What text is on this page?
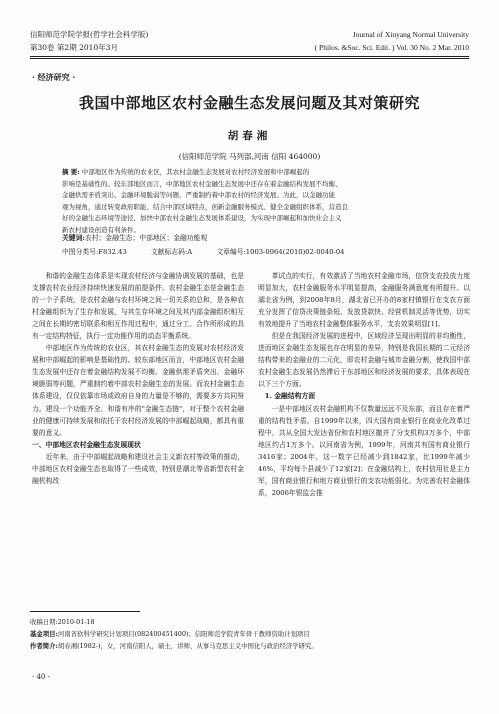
信阳师范学院学报(哲学社会科学版)	Journal of Xinyang Normal University
第30卷 第2期 2010年3月	( Philos. &Soc. Sci. Edit. ) Vol. 30 No. 2 Mar. 2010
· 经济研究 ·
我国中部地区农村金融生态发展问题及其对策研究
胡春湘
(信阳师范学院 马列部,河南 信阳 464000)
摘 要: 中部地区作为传统的农业区，其农村金融生态发展对农村经济发展和中部崛起的
影响是基础性的。较东部地区而言，中部地区农村金融生态发展中还存在着金融结构发展不均衡、
金融供需矛盾突出、金融环境脆弱等问题，严重制约着中部农村的经济发展。为此，以金融功能
观为视角，通过转变政府职能、结合中部区域特点，创新金融服务模式、健全金融组织体系，营造良
好的金融生态环境等途径，加快中部农村金融生态发展体系建设，为实现中部崛起和加快社会主义
新农村建设创造有利条件。
关键词:农村；金融生态；中部地区；金融功能观
中图分类号:F832.43	文献标志码:A	文章编号:1003-0964(2010)02-0040-04

和谐的金融生态体系是实现农村经济与金融协调发展的基础，也是支撑农村农业经济持续快速发展的前提条件。农村金融生态是金融生态的一个子系统，是农村金融与农村环境之间一切关系的总和，是各种农村金融组织为了生存和发展，与其生存环境之间及其内部金融组织相互之间在长期的密切联系和相互作用过程中，通过分工、合作所形成的具有一定结构特征，执行一定功能作用的动态平衡系统。

中部地区作为传统的农业区，其农村金融生态的发展对农村经济发展和中部崛起的影响是基础性的。较东部地区而言，中部地区农村金融生态发展中还存在着金融结构发展不均衡、金融供需矛盾突出、金融环境脆弱等问题，严重制约着中部农村金融生态的发展。而农村金融生态体系建设，仅仅依靠市场或政府自身的力量是不够的，需要多方共同努力。建设一个功能齐全、和谐有序的"金融生态链"，对于整个农村金融业的健康可持续发展和依托于农村经济发展的中部崛起战略，都具有重要的意义。

一、中部地区农村金融生态发展现状

近年来，由于中部崛起战略和建设社会主义新农村等政策的推动，中部地区农村金融生态也取得了一些成效，特别是潮北等省新型农村金融机构改

革试点的实行，有效激活了当地农村金融市场，信贷支农投放力度明显加大，农村金融服务水平明显提高，金融服务满意度有所提升。以湖北省为例，到2008年8月，湖北省已开办的8家村镇银行在支农方面充分发挥了信贷决策链条短、发放贷款快、经营机制灵活等优势，切实有效地提升了当地农村金融整体服务水平，支农效果明显[1]。

但是在我国经济发展的进程中，区域经济呈现出明显的非均衡性，进而地区金融生态发展也存在明显的差异，特别是我国长期的二元经济结构带来的金融业的二元化，即农村金融与城市金融分割，使我国中部农村金融生态发展仍然滞后于东部地区和经济发展的要求，具体表现在以下三个方面。

1. 金融结构方面

一是中部地区农村金融机构不仅数量远远不及东部，而且存在着严重的结构性矛盾。自1999年以来，四大国有商业银行在商业化改革过程中，共从全国大发达省份和农村地区撤并了分支机构3万多个，中部地区约占1万多个。以河南省为例，1999年，河南共有国有商业银行3416家；2004年，这一数字已经减少到1842家，比1999年减少46%，平均每个县减少了12家[2]；在金融结构上，农村信用社是主力军，国有商业银行和地方商业银行的支农功能弱化。为完善农村金融体系，2006年银监会推

收稿日期:2010-01-18
基金项目:河南省软科学研究计划项目(082400451400)；信阳师范学院青年骨干教师资助计划项目
作者简介:胡春湘(1982-)，女，河南信阳人，硕士，讲师，从事马克思主义中国化与政治经济学研究。
· 40 ·
